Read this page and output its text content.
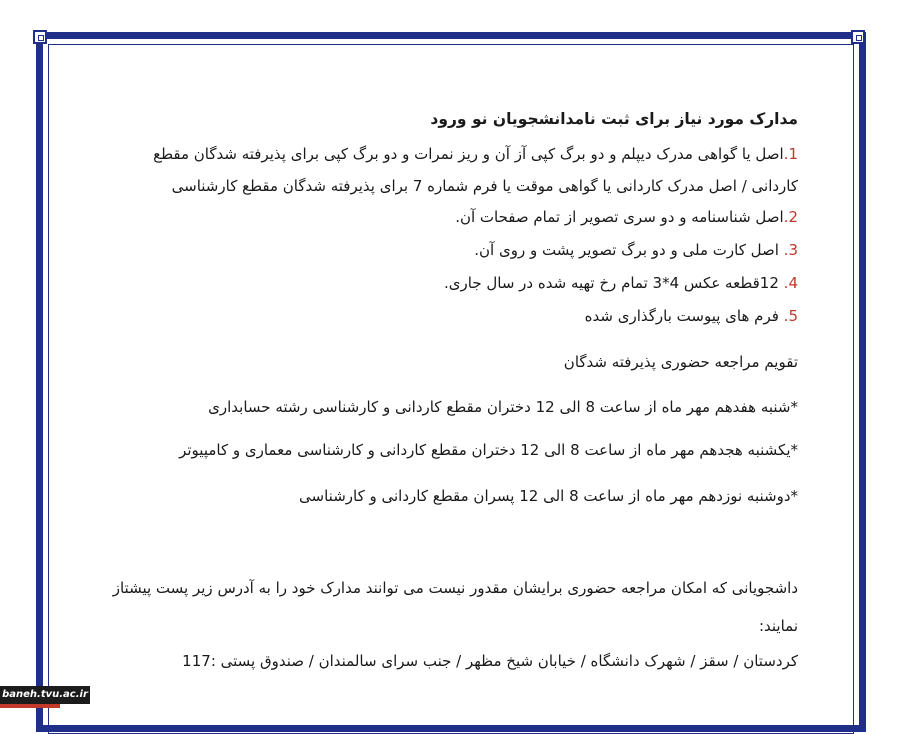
مدارک مورد نیاز برای ثبت نامدانشجویان نو ورود
1.اصل یا گواهی مدرک دیپلم و دو برگ کپی آز آن و ریز نمرات و دو برگ کپی برای پذیرفته شدگان مقطع
کاردانی / اصل مدرک کاردانی یا گواهی موقت یا فرم شماره 7 برای پذیرفته شدگان مقطع کارشناسی
2.اصل شناسنامه و دو سری تصویر از تمام صفحات آن.
3. اصل کارت ملی و دو برگ تصویر پشت و روی آن.
4. 12قطعه عکس 4*3 تمام رخ تهیه شده در سال جاری.
5. فرم های پیوست بارگذاری شده
تقویم مراجعه حضوری پذیرفته شدگان
*شنبه هفدهم مهر ماه از ساعت 8 الی 12 دختران مقطع کاردانی و کارشناسی رشته حسابداری
*یکشنبه هجدهم مهر ماه از ساعت 8 الی 12 دختران مقطع کاردانی و کارشناسی معماری و کامپیوتر
*دوشنبه نوزدهم مهر ماه از ساعت 8 الی 12 پسران مقطع کاردانی و کارشناسی
داشجویانی که امکان مراجعه حضوری برایشان مقدور نیست می توانند مدارک خود را به آدرس زیر پست پیشتاز نمایند:
کردستان / سقز / شهرک دانشگاه / خیابان شیخ مظهر / جنب سرای سالمندان / صندوق پستی :117
baneh.tvu.ac.ir
